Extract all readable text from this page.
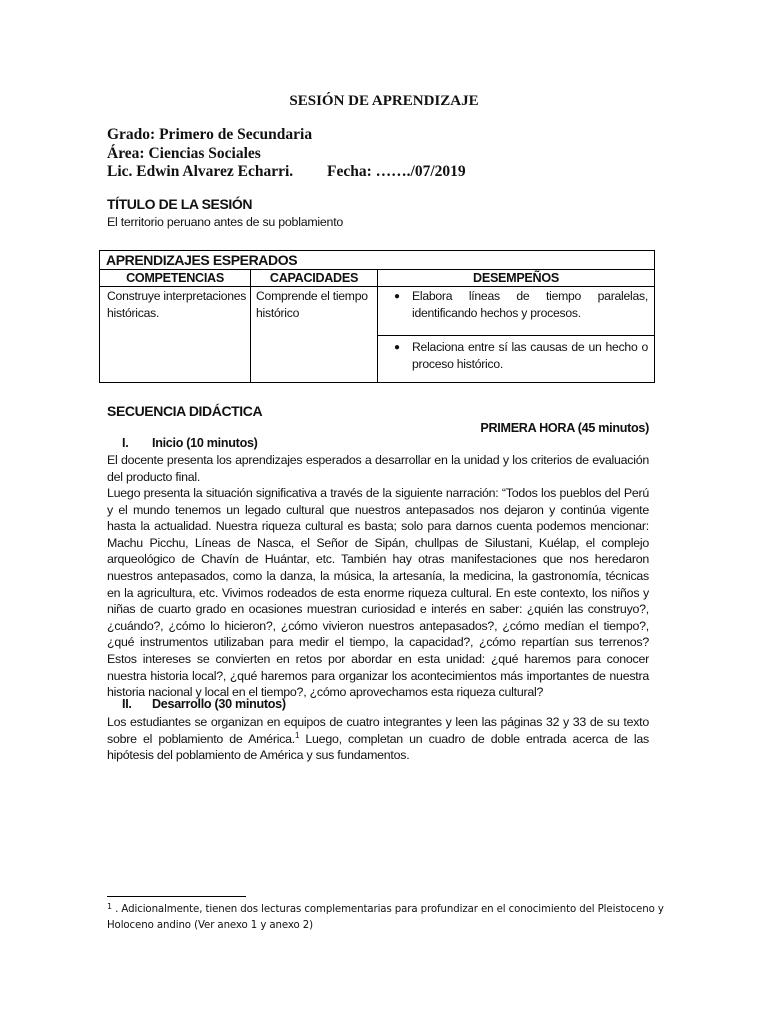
SESIÓN DE APRENDIZAJE
Grado: Primero de Secundaria
Área: Ciencias Sociales
Lic. Edwin Alvarez Echarri. Fecha: ……./07/2019
TÍTULO DE LA SESIÓN
El territorio peruano antes de su poblamiento
APRENDIZAJES ESPERADOS
COMPETENCIAS	CAPACIDADES	DESEMPEÑOS
Construye interpretaciones históricas.
Comprende el tiempo histórico
● Elabora líneas de tiempo paralelas, identificando hechos y procesos.
● Relaciona entre sí las causas de un hecho o proceso histórico.
SECUENCIA DIDÁCTICA
PRIMERA HORA (45 minutos)
I. Inicio (10 minutos)
El docente presenta los aprendizajes esperados a desarrollar en la unidad y los criterios de evaluación del producto final.
Luego presenta la situación significativa a través de la siguiente narración: “Todos los pueblos del Perú y el mundo tenemos un legado cultural que nuestros antepasados nos dejaron y continúa vigente hasta la actualidad. Nuestra riqueza cultural es basta; solo para darnos cuenta podemos mencionar: Machu Picchu, Líneas de Nasca, el Señor de Sipán, chullpas de Silustani, Kuélap, el complejo arqueológico de Chavín de Huántar, etc. También hay otras manifestaciones que nos heredaron nuestros antepasados, como la danza, la música, la artesanía, la medicina, la gastronomía, técnicas en la agricultura, etc. Vivimos rodeados de esta enorme riqueza cultural. En este contexto, los niños y niñas de cuarto grado en ocasiones muestran curiosidad e interés en saber: ¿quién las construyo?, ¿cuándo?, ¿cómo lo hicieron?, ¿cómo vivieron nuestros antepasados?, ¿cómo medían el tiempo?, ¿qué instrumentos utilizaban para medir el tiempo, la capacidad?, ¿cómo repartían sus terrenos? Estos intereses se convierten en retos por abordar en esta unidad: ¿qué haremos para conocer nuestra historia local?, ¿qué haremos para organizar los acontecimientos más importantes de nuestra historia nacional y local en el tiempo?, ¿cómo aprovechamos esta riqueza cultural?
II. Desarrollo (30 minutos)
Los estudiantes se organizan en equipos de cuatro integrantes y leen las páginas 32 y 33 de su texto sobre el poblamiento de América.$^1$ Luego, completan un cuadro de doble entrada acerca de las hipótesis del poblamiento de América y sus fundamentos.
$^1$ . Adicionalmente, tienen dos lecturas complementarias para profundizar en el conocimiento del Pleistoceno y Holoceno andino (Ver anexo 1 y anexo 2)
